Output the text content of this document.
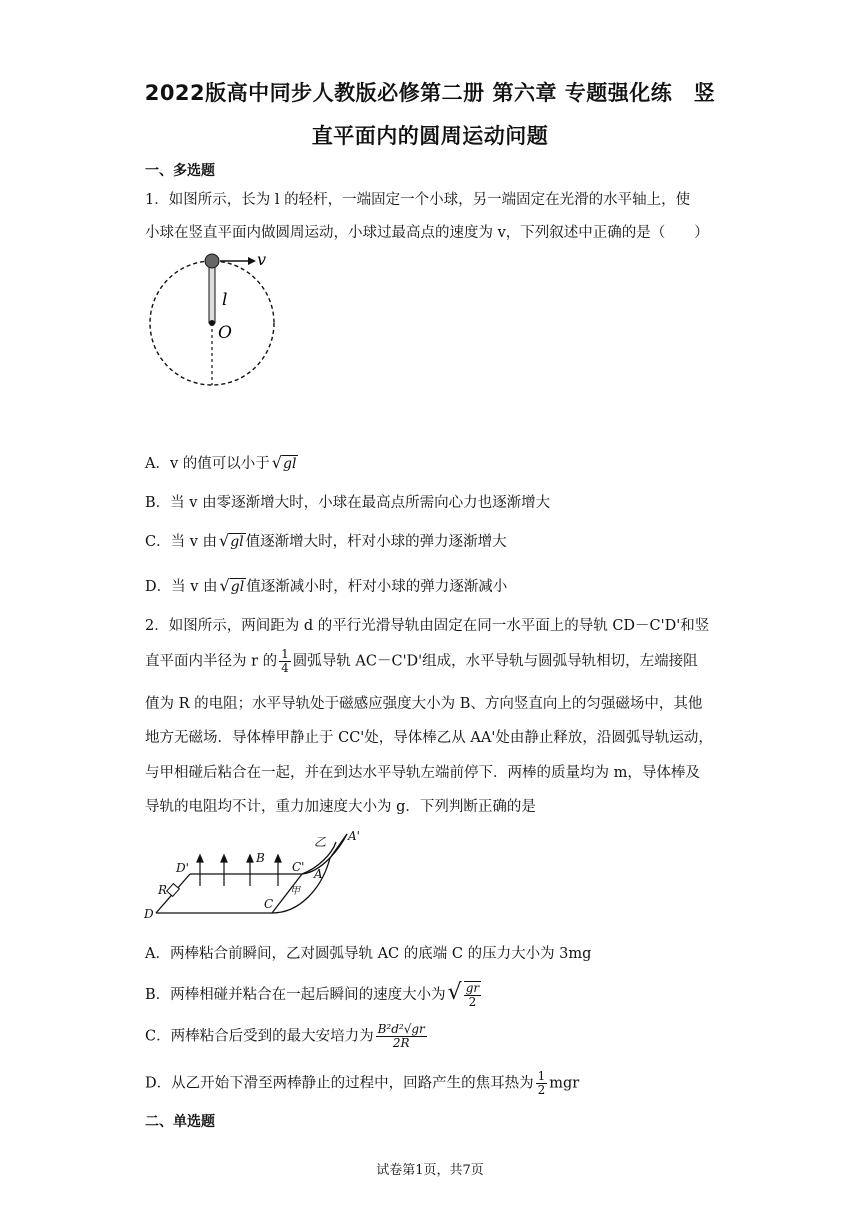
2022版高中同步人教版必修第二册 第六章 专题强化练　竖
直平面内的圆周运动问题
一、多选题
1．如图所示，长为 l 的轻杆，一端固定一个小球，另一端固定在光滑的水平轴上，使
小球在竖直平面内做圆周运动，小球过最高点的速度为 v，下列叙述中正确的是（　　）
v
l
O
A．v 的值可以小于 √gl
B．当 v 由零逐渐增大时，小球在最高点所需向心力也逐渐增大
C．当 v 由 √gl 值逐渐增大时，杆对小球的弹力逐渐增大
D．当 v 由 √gl 值逐渐减小时，杆对小球的弹力逐渐减小
2．如图所示，两间距为 d 的平行光滑导轨由固定在同一水平面上的导轨 CD－C'D'和竖
直平面内半径为 r 的 $\frac{1}{4}$ 圆弧导轨 AC－C'D'组成，水平导轨与圆弧导轨相切，左端接阻
值为 R 的电阻；水平导轨处于磁感应强度大小为 B、方向竖直向上的匀强磁场中，其他
地方无磁场．导体棒甲静止于 CC'处，导体棒乙从 AA'处由静止释放，沿圆弧导轨运动，
与甲相碰后粘合在一起，并在到达水平导轨左端前停下．两棒的质量均为 m，导体棒及
导轨的电阻均不计，重力加速度大小为 g．下列判断正确的是
乙 A'
B
C'
D'	A
甲
C
R
D
A．两棒粘合前瞬间，乙对圆弧导轨 AC 的底端 C 的压力大小为 3mg
B．两棒相碰并粘合在一起后瞬间的速度大小为√ $\frac{gr}{2}$
C．两棒粘合后受到的最大安培力为 $\frac{\text{B²d²√gr}}{2R}$
D．从乙开始下滑至两棒静止的过程中，回路产生的焦耳热为 $\frac{1}{2}$ mgr
二、单选题
试卷第1页，共7页
